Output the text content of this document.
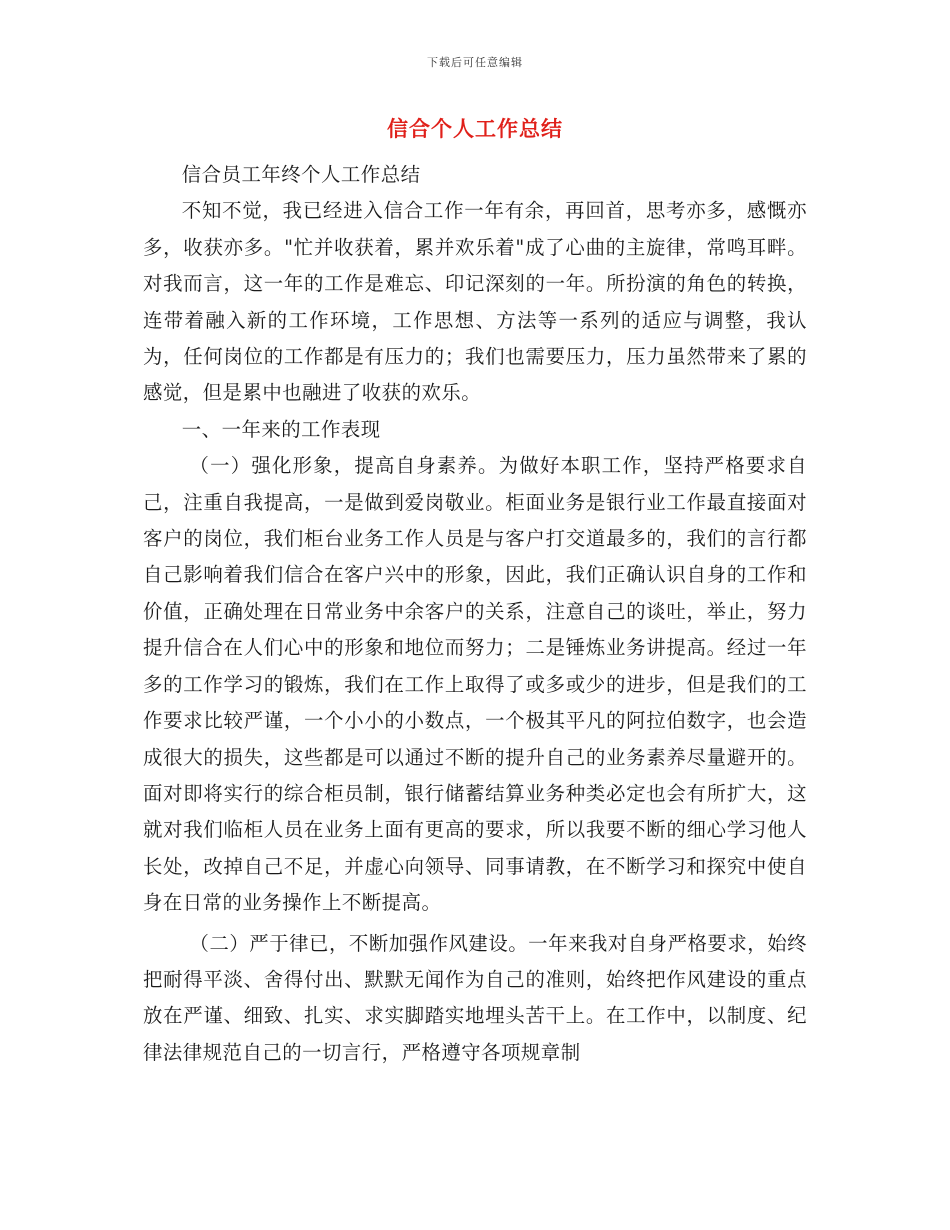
下载后可任意编辑
信合个人工作总结

信合员工年终个人工作总结

不知不觉，我已经进入信合工作一年有余，再回首，思考亦多，感慨亦多，收获亦多。"忙并收获着，累并欢乐着"成了心曲的主旋律，常鸣耳畔。对我而言，这一年的工作是难忘、印记深刻的一年。所扮演的角色的转换，连带着融入新的工作环境，工作思想、方法等一系列的适应与调整，我认为，任何岗位的工作都是有压力的；我们也需要压力，压力虽然带来了累的感觉，但是累中也融进了收获的欢乐。

一、一年来的工作表现

（一）强化形象，提高自身素养。为做好本职工作，坚持严格要求自己，注重自我提高，一是做到爱岗敬业。柜面业务是银行业工作最直接面对客户的岗位，我们柜台业务工作人员是与客户打交道最多的，我们的言行都自己影响着我们信合在客户兴中的形象，因此，我们正确认识自身的工作和价值，正确处理在日常业务中余客户的关系，注意自己的谈吐，举止，努力提升信合在人们心中的形象和地位而努力；二是锤炼业务讲提高。经过一年多的工作学习的锻炼，我们在工作上取得了或多或少的进步，但是我们的工作要求比较严谨，一个小小的小数点，一个极其平凡的阿拉伯数字，也会造成很大的损失，这些都是可以通过不断的提升自己的业务素养尽量避开的。面对即将实行的综合柜员制，银行储蓄结算业务种类必定也会有所扩大，这就对我们临柜人员在业务上面有更高的要求，所以我要不断的细心学习他人长处，改掉自己不足，并虚心向领导、同事请教，在不断学习和探究中使自身在日常的业务操作上不断提高。

（二）严于律已，不断加强作风建设。一年来我对自身严格要求，始终把耐得平淡、舍得付出、默默无闻作为自己的准则，始终把作风建设的重点放在严谨、细致、扎实、求实脚踏实地埋头苦干上。在工作中，以制度、纪律法律规范自己的一切言行，严格遵守各项规章制
